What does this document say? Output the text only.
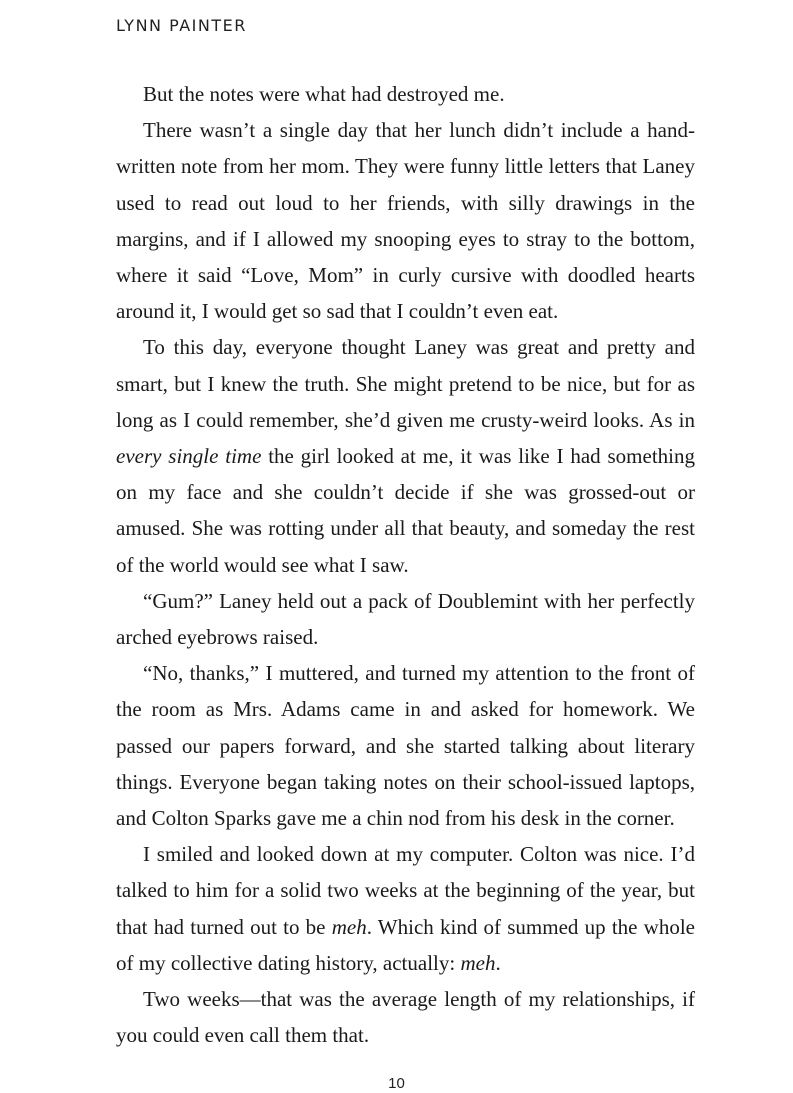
LYNN PAINTER

But the notes were what had destroyed me.

There wasn’t a single day that her lunch didn’t include a handwritten note from her mom. They were funny little letters that Laney used to read out loud to her friends, with silly drawings in the margins, and if I allowed my snooping eyes to stray to the bottom, where it said “Love, Mom” in curly cursive with doodled hearts around it, I would get so sad that I couldn’t even eat.

To this day, everyone thought Laney was great and pretty and smart, but I knew the truth. She might pretend to be nice, but for as long as I could remember, she’d given me crusty-weird looks. As in every single time the girl looked at me, it was like I had something on my face and she couldn’t decide if she was grossed-out or amused. She was rotting under all that beauty, and someday the rest of the world would see what I saw.

“Gum?” Laney held out a pack of Doublemint with her perfectly arched eyebrows raised.

“No, thanks,” I muttered, and turned my attention to the front of the room as Mrs. Adams came in and asked for homework. We passed our papers forward, and she started talking about literary things. Everyone began taking notes on their school-issued laptops, and Colton Sparks gave me a chin nod from his desk in the corner.

I smiled and looked down at my computer. Colton was nice. I’d talked to him for a solid two weeks at the beginning of the year, but that had turned out to be meh. Which kind of summed up the whole of my collective dating history, actually: meh.

Two weeks—that was the average length of my relationships, if you could even call them that.

10
